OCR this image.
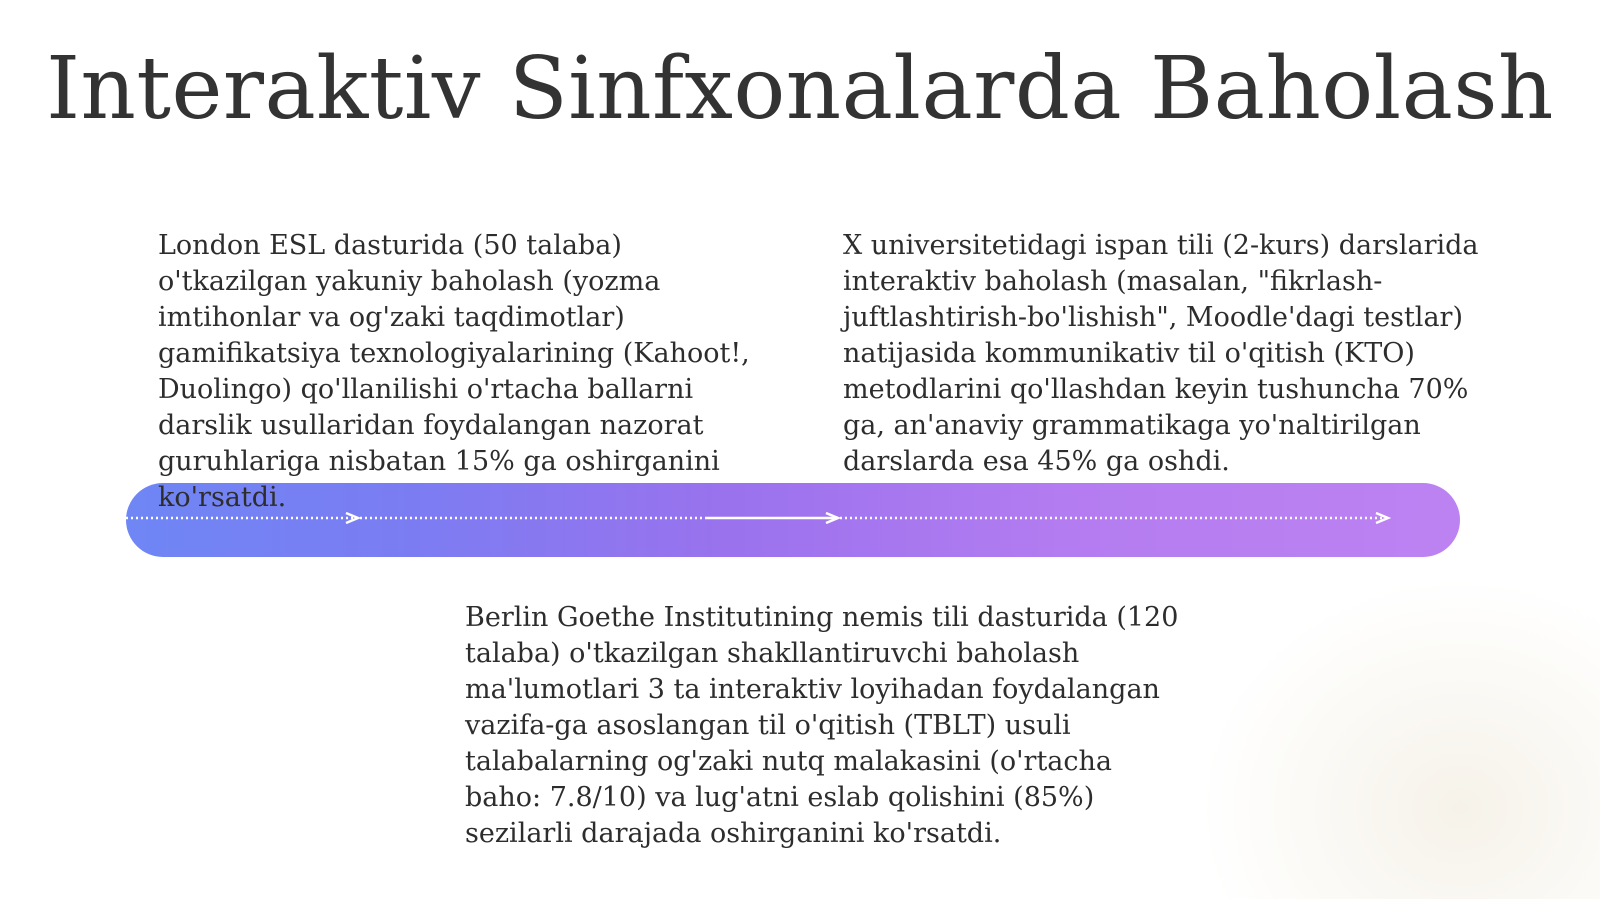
Interaktiv Sinfxonalarda Baholash

London ESL dasturida (50 talaba) o'tkazilgan yakuniy baholash (yozma imtihonlar va og'zaki taqdimotlar) gamifikatsiya texnologiyalarining (Kahoot!, Duolingo) qo'llanilishi o'rtacha ballarni darslik usullaridan foydalangan nazorat guruhlariga nisbatan 15% ga oshirganini ko'rsatdi.

X universitetidagi ispan tili (2-kurs) darslarida interaktiv baholash (masalan, "fikrlash-juftlashtirish-bo'lishish", Moodle'dagi testlar) natijasida kommunikativ til o'qitish (KTO) metodlarini qo'llashdan keyin tushuncha 70% ga, an'anaviy grammatikaga yo'naltirilgan darslarda esa 45% ga oshdi.

Berlin Goethe Institutining nemis tili dasturida (120 talaba) o'tkazilgan shakllantiruvchi baholash ma'lumotlari 3 ta interaktiv loyihadan foydalangan vazifa-ga asoslangan til o'qitish (TBLT) usuli talabalarning og'zaki nutq malakasini (o'rtacha baho: 7.8/10) va lug'atni eslab qolishini (85%) sezilarli darajada oshirganini ko'rsatdi.
